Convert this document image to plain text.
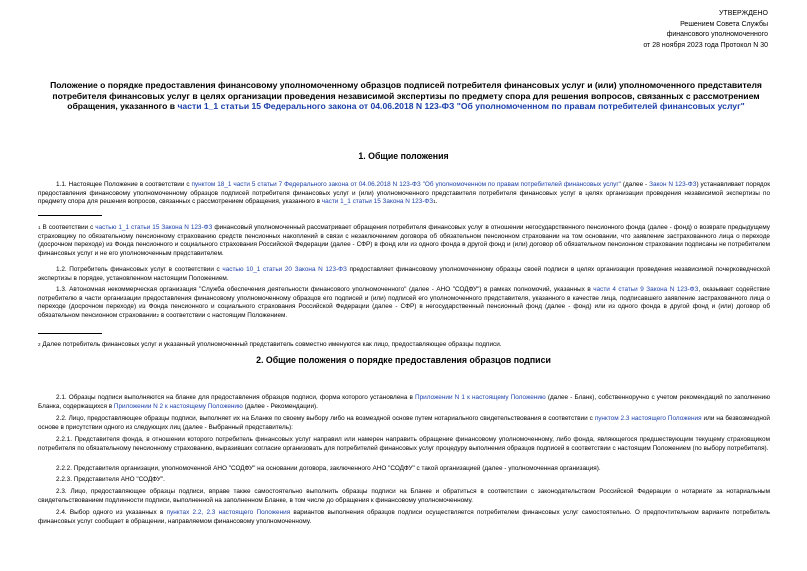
УТВЕРЖДЕНО
Решением Совета Службы
финансового уполномоченного
от 28 ноября 2023 года Протокол N 30
Положение о порядке предоставления финансовому уполномоченному образцов подписей потребителя финансовых услуг и (или) уполномоченного представителя потребителя финансовых услуг в целях организации проведения независимой экспертизы по предмету спора для решения вопросов, связанных с рассмотрением обращения, указанного в части 1_1 статьи 15 Федерального закона от 04.06.2018 N 123-ФЗ "Об уполномоченном по правам потребителей финансовых услуг"
1. Общие положения
1.1. Настоящее Положение в соответствии с пунктом 18_1 части 5 статьи 7 Федерального закона от 04.06.2018 N 123-ФЗ "Об уполномоченном по правам потребителей финансовых услуг" (далее - Закон N 123-ФЗ) устанавливает порядок предоставления финансовому уполномоченному образцов подписей потребителя финансовых услуг и (или) уполномоченного представителя потребителя финансовых услуг в целях организации проведения независимой экспертизы по предмету спора для решения вопросов, связанных с рассмотрением обращения, указанного в части 1_1 статьи 15 Закона N $123-ФЗ^1$.
$^1$ В соответствии с частью 1_1 статьи 15 Закона N 123-ФЗ финансовый уполномоченный рассматривает обращения потребителя финансовых услуг в отношении негосударственного пенсионного фонда (далее - фонд) о возврате предыдущему страховщику по обязательному пенсионному страхованию средств пенсионных накоплений в связи с незаключением договора об обязательном пенсионном страховании на том основании, что заявление застрахованного лица о переходе (досрочном переходе) из Фонда пенсионного и социального страхования Российской Федерации (далее - СФР) в фонд или из одного фонда в другой фонд и (или) договор об обязательном пенсионном страховании подписаны не потребителем финансовых услуг и не его уполномоченным представителем.
1.2. Потребитель финансовых услуг в соответствии с частью 10_1 статьи 20 Закона N 123-ФЗ предоставляет финансовому уполномоченному образцы своей подписи в целях организации проведения независимой почерковедческой экспертизы в порядке, установленном настоящим Положением.
1.3. Автономная некоммерческая организация "Служба обеспечения деятельности финансового уполномоченного" (далее - АНО "СОДФУ") в рамках полномочий, указанных в части 4 статьи 9 Закона N 123-ФЗ, оказывает содействие потребителю в части организации предоставления финансовому уполномоченному образцов его подписей и (или) подписей его уполномоченного представителя, указанного в качестве лица, подписавшего заявление застрахованного лица о переходе (досрочном переходе) из Фонда пенсионного и социального страхования Российской Федерации (далее - СФР) в негосударственный пенсионный фонд (далее - фонд) или из одного фонда в другой фонд и (или) договор об обязательном пенсионном страховании$^2$ в соответствии с настоящим Положением.
$^2$ Далее потребитель финансовых услуг и указанный уполномоченный представитель совместно именуются как лицо, предоставляющее образцы подписи.
2. Общие положения о порядке предоставления образцов подписи
2.1. Образцы подписи выполняются на бланке для предоставления образцов подписи, форма которого установлена в Приложении N 1 к настоящему Положению (далее - Бланк), собственноручно с учетом рекомендаций по заполнению Бланка, содержащихся в Приложении N 2 к настоящему Положению (далее - Рекомендации).
2.2. Лицо, предоставляющее образцы подписи, выполняет их на Бланке по своему выбору либо на возмездной основе путем нотариального свидетельствования в соответствии с пунктом 2.3 настоящего Положения или на безвозмездной основе в присутствии одного из следующих лиц (далее - Выбранный представитель):
2.2.1. Представителя фонда, в отношении которого потребитель финансовых услуг направил или намерен направить обращение финансовому уполномоченному, либо фонда, являющегося предшествующим текущему страховщиком потребителя по обязательному пенсионному страхованию, выразивших согласие организовать для потребителей финансовых услуг процедуру выполнения образцов подписей в соответствии с настоящим Положением (по выбору потребителя).
2.2.2. Представителя организации, уполномоченной АНО "СОДФУ" на основании договора, заключенного АНО "СОДФУ" с такой организацией (далее - уполномоченная организация).
2.2.3. Представителя АНО "СОДФУ".
2.3. Лицо, предоставляющее образцы подписи, вправе также самостоятельно выполнить образцы подписи на Бланке и обратиться в соответствии с законодательством Российской Федерации о нотариате за нотариальным свидетельствованием подлинности подписи, выполненной на заполненном Бланке, в том числе до обращения к финансовому уполномоченному.
2.4. Выбор одного из указанных в пунктах 2.2, 2.3 настоящего Положения вариантов выполнения образцов подписи осуществляется потребителем финансовых услуг самостоятельно. О предпочтительном варианте потребитель финансовых услуг сообщает в обращении, направляемом финансовому уполномоченному.
